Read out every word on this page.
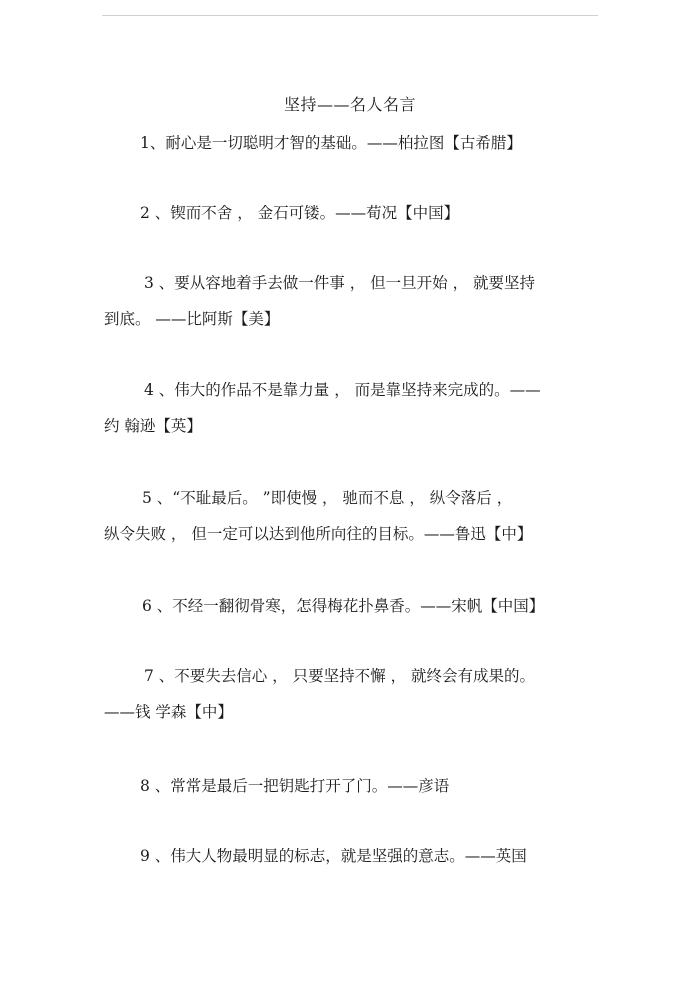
坚持——名人名言
1、耐心是一切聪明才智的基础。——柏拉图【古希腊】
2 、锲而不舍 ， 金石可镂。——荀况【中国】
3 、要从容地着手去做一件事 ， 但一旦开始 ， 就要坚持
到底。 ——比阿斯【美】
4 、伟大的作品不是靠力量 ， 而是靠坚持来完成的。——
约 翰逊【英】
5 、“不耻最后。 ”即使慢 ， 驰而不息 ， 纵令落后 ，
纵令失败 ， 但一定可以达到他所向往的目标。——鲁迅【中】
6 、不经一翻彻骨寒，怎得梅花扑鼻香。——宋帆【中国】
7 、不要失去信心 ， 只要坚持不懈 ， 就终会有成果的。
——钱 学森【中】
8 、常常是最后一把钥匙打开了门。——彦语
9 、伟大人物最明显的标志，就是坚强的意志。——英国
